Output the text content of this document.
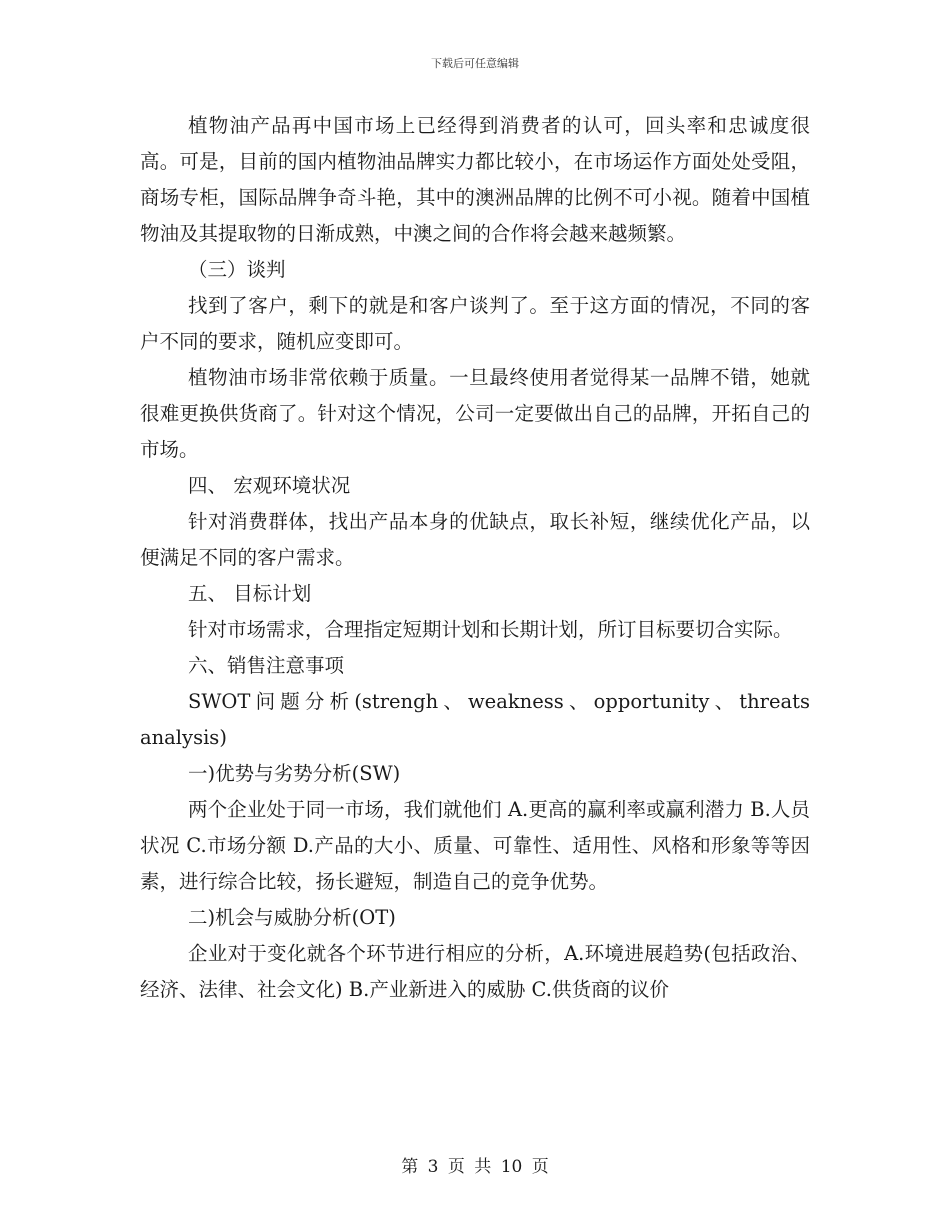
下载后可任意编辑

植物油产品再中国市场上已经得到消费者的认可，回头率和忠诚度很高。可是，目前的国内植物油品牌实力都比较小，在市场运作方面处处受阻，商场专柜，国际品牌争奇斗艳，其中的澳洲品牌的比例不可小视。随着中国植物油及其提取物的日渐成熟，中澳之间的合作将会越来越频繁。

（三）谈判

找到了客户，剩下的就是和客户谈判了。至于这方面的情况，不同的客户不同的要求，随机应变即可。

植物油市场非常依赖于质量。一旦最终使用者觉得某一品牌不错，她就很难更换供货商了。针对这个情况，公司一定要做出自己的品牌，开拓自己的市场。

四、 宏观环境状况

针对消费群体，找出产品本身的优缺点，取长补短，继续优化产品，以便满足不同的客户需求。

五、 目标计划

针对市场需求，合理指定短期计划和长期计划，所订目标要切合实际。

六、销售注意事项

SWOT问题分析(strengh、weakness、opportunity、threats analysis)

一)优势与劣势分析(SW)

两个企业处于同一市场，我们就他们 A.更高的赢利率或赢利潜力 B.人员状况 C.市场分额 D.产品的大小、质量、可靠性、适用性、风格和形象等等因素，进行综合比较，扬长避短，制造自己的竞争优势。

二)机会与威胁分析(OT)

企业对于变化就各个环节进行相应的分析，A.环境进展趋势(包括政治、经济、法律、社会文化) B.产业新进入的威胁 C.供货商的议价

第 3 页 共 10 页
